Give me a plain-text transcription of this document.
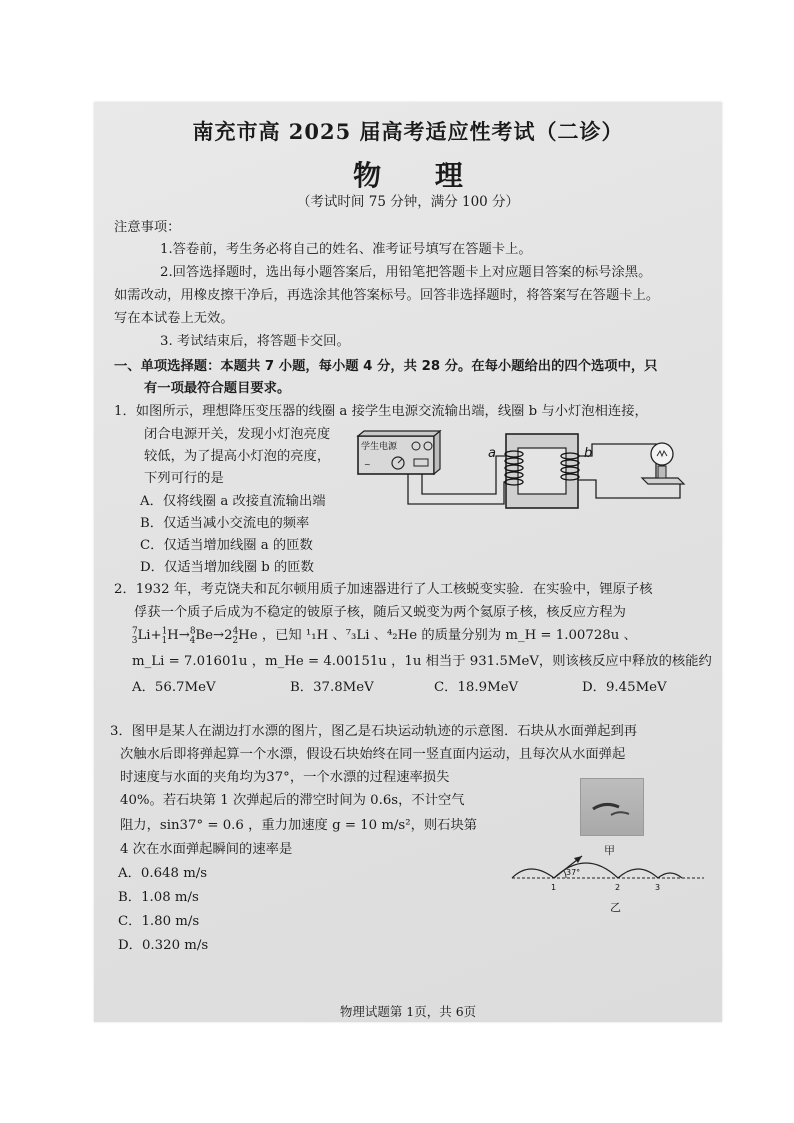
南充市高 2025 届高考适应性考试（二诊）
物 理
（考试时间 75 分钟，满分 100 分）
注意事项：
1.答卷前，考生务必将自己的姓名、准考证号填写在答题卡上。
2.回答选择题时，选出每小题答案后，用铅笔把答题卡上对应题目答案的标号涂黑。
如需改动，用橡皮擦干净后，再选涂其他答案标号。回答非选择题时，将答案写在答题卡上。
写在本试卷上无效。
3. 考试结束后，将答题卡交回。
一、单项选择题：本题共 7 小题，每小题 4 分，共 28 分。在每小题给出的四个选项中，只
有一项最符合题目要求。
1．如图所示，理想降压变压器的线圈 a 接学生电源交流输出端，线圈 b 与小灯泡相连接，
闭合电源开关，发现小灯泡亮度
较低，为了提高小灯泡的亮度，
下列可行的是
A．仅将线圈 a 改接直流输出端
B．仅适当减小交流电的频率
C．仅适当增加线圈 a 的匝数
D．仅适当增加线圈 b 的匝数
学生电源
~
a	b
2．1932 年，考克饶夫和瓦尔顿用质子加速器进行了人工核蜕变实验．在实验中，锂原子核
俘获一个质子后成为不稳定的铍原子核，随后又蜕变为两个氦原子核，核反应方程为
$^7_3Li+^1_1H\to^8_4Be\to 2^4_2He$ ，已知 ¹₁H 、⁷₃Li 、⁴₂He 的质量分别为 m_H = 1.00728u 、
m_Li = 7.01601u ，m_He = 4.00151u ，1u 相当于 931.5MeV，则该核反应中释放的核能约
A．56.7MeV	B．37.8MeV	C．18.9MeV	D．9.45MeV
3．图甲是某人在湖边打水漂的图片，图乙是石块运动轨迹的示意图．石块从水面弹起到再
次触水后即将弹起算一个水漂，假设石块始终在同一竖直面内运动，且每次从水面弹起
时速度与水面的夹角均为37°，一个水漂的过程速率损失
40%。若石块第 1 次弹起后的滞空时间为 0.6s，不计空气
阻力，sin37° = 0.6 ，重力加速度 g = 10 m/s²，则石块第
4 次在水面弹起瞬间的速率是
A．0.648 m/s
B．1.08 m/s
C．1.80 m/s
D．0.320 m/s
甲
37°
1	2	3
乙
物理试题第 1页，共 6页
